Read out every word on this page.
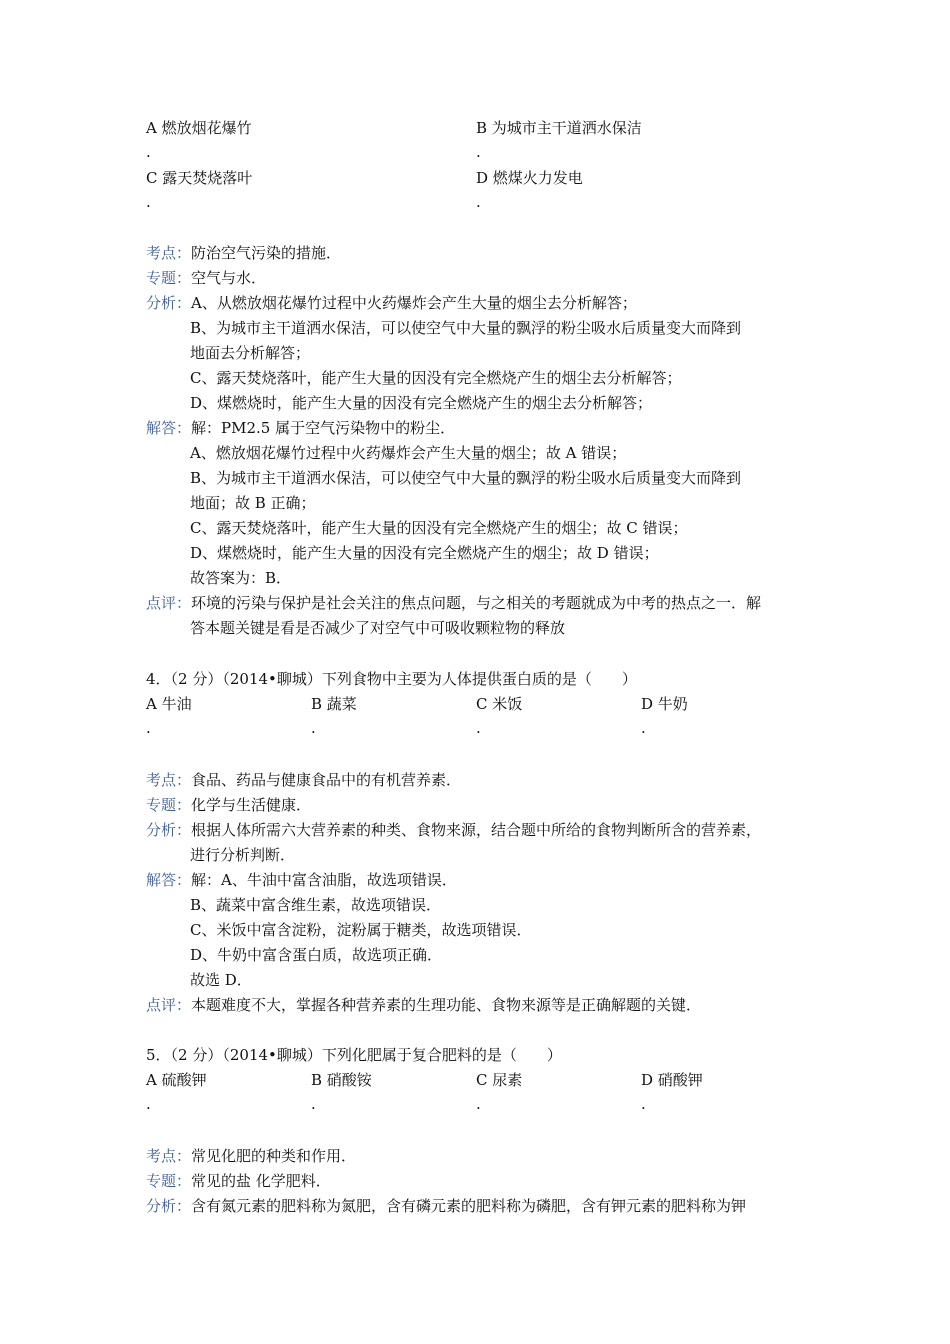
A 燃放烟花爆竹	B 为城市主干道洒水保洁
.	.
C 露天焚烧落叶	D 燃煤火力发电
.	.
考点：防治空气污染的措施．
专题：空气与水．
分析：A、从燃放烟花爆竹过程中火药爆炸会产生大量的烟尘去分析解答；
B、为城市主干道洒水保洁，可以使空气中大量的飘浮的粉尘吸水后质量变大而降到
地面去分析解答；
C、露天焚烧落叶，能产生大量的因没有完全燃烧产生的烟尘去分析解答；
D、煤燃烧时，能产生大量的因没有完全燃烧产生的烟尘去分析解答；
解答：解：PM2.5 属于空气污染物中的粉尘．
A、燃放烟花爆竹过程中火药爆炸会产生大量的烟尘；故 A 错误；
B、为城市主干道洒水保洁，可以使空气中大量的飘浮的粉尘吸水后质量变大而降到
地面；故 B 正确；
C、露天焚烧落叶，能产生大量的因没有完全燃烧产生的烟尘；故 C 错误；
D、煤燃烧时，能产生大量的因没有完全燃烧产生的烟尘；故 D 错误；
故答案为：B．
点评：环境的污染与保护是社会关注的焦点问题，与之相关的考题就成为中考的热点之一．解
答本题关键是看是否减少了对空气中可吸收颗粒物的释放
4．（2 分）（2014•聊城）下列食物中主要为人体提供蛋白质的是（　　）
A 牛油	B 蔬菜	C 米饭	D 牛奶
.	.	.	.
考点：食品、药品与健康食品中的有机营养素．
专题：化学与生活健康．
分析：根据人体所需六大营养素的种类、食物来源，结合题中所给的食物判断所含的营养素，
进行分析判断．
解答：解：A、牛油中富含油脂，故选项错误．
B、蔬菜中富含维生素，故选项错误．
C、米饭中富含淀粉，淀粉属于糖类，故选项错误．
D、牛奶中富含蛋白质，故选项正确．
故选 D．
点评：本题难度不大，掌握各种营养素的生理功能、食物来源等是正确解题的关键．
5．（2 分）（2014•聊城）下列化肥属于复合肥料的是（　　）
A 硫酸钾	B 硝酸铵	C 尿素	D 硝酸钾
.	.	.	.
考点：常见化肥的种类和作用．
专题：常见的盐 化学肥料．
分析：含有氮元素的肥料称为氮肥，含有磷元素的肥料称为磷肥，含有钾元素的肥料称为钾
